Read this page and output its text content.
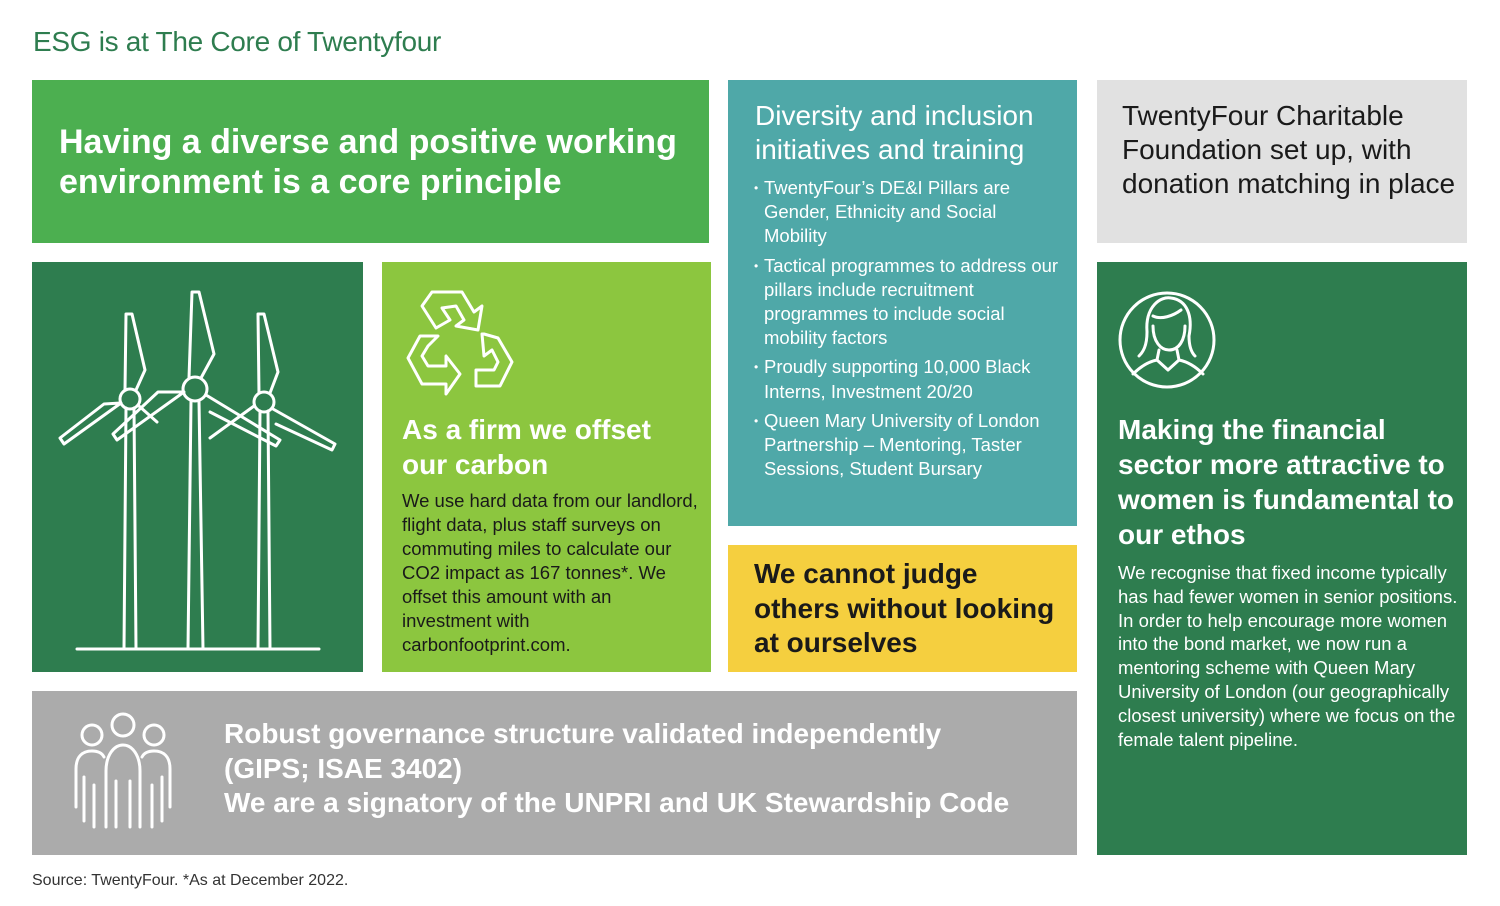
ESG is at The Core of Twentyfour
Having a diverse and positive working environment is a core principle
Diversity and inclusion initiatives and training
• TwentyFour’s DE&I Pillars are Gender, Ethnicity and Social Mobility
• Tactical programmes to address our pillars include recruitment programmes to include social mobility factors
• Proudly supporting 10,000 Black Interns, Investment 20/20
• Queen Mary University of London Partnership – Mentoring, Taster Sessions, Student Bursary
TwentyFour Charitable Foundation set up, with donation matching in place
As a firm we offset our carbon
We use hard data from our landlord, flight data, plus staff surveys on commuting miles to calculate our CO2 impact as 167 tonnes*. We offset this amount with an investment with carbonfootprint.com.
We cannot judge others without looking at ourselves
Making the financial sector more attractive to women is fundamental to our ethos
We recognise that fixed income typically has had fewer women in senior positions. In order to help encourage more women into the bond market, we now run a mentoring scheme with Queen Mary University of London (our geographically closest university) where we focus on the female talent pipeline.
Robust governance structure validated independently
(GIPS; ISAE 3402)
We are a signatory of the UNPRI and UK Stewardship Code
Source: TwentyFour. *As at December 2022.
